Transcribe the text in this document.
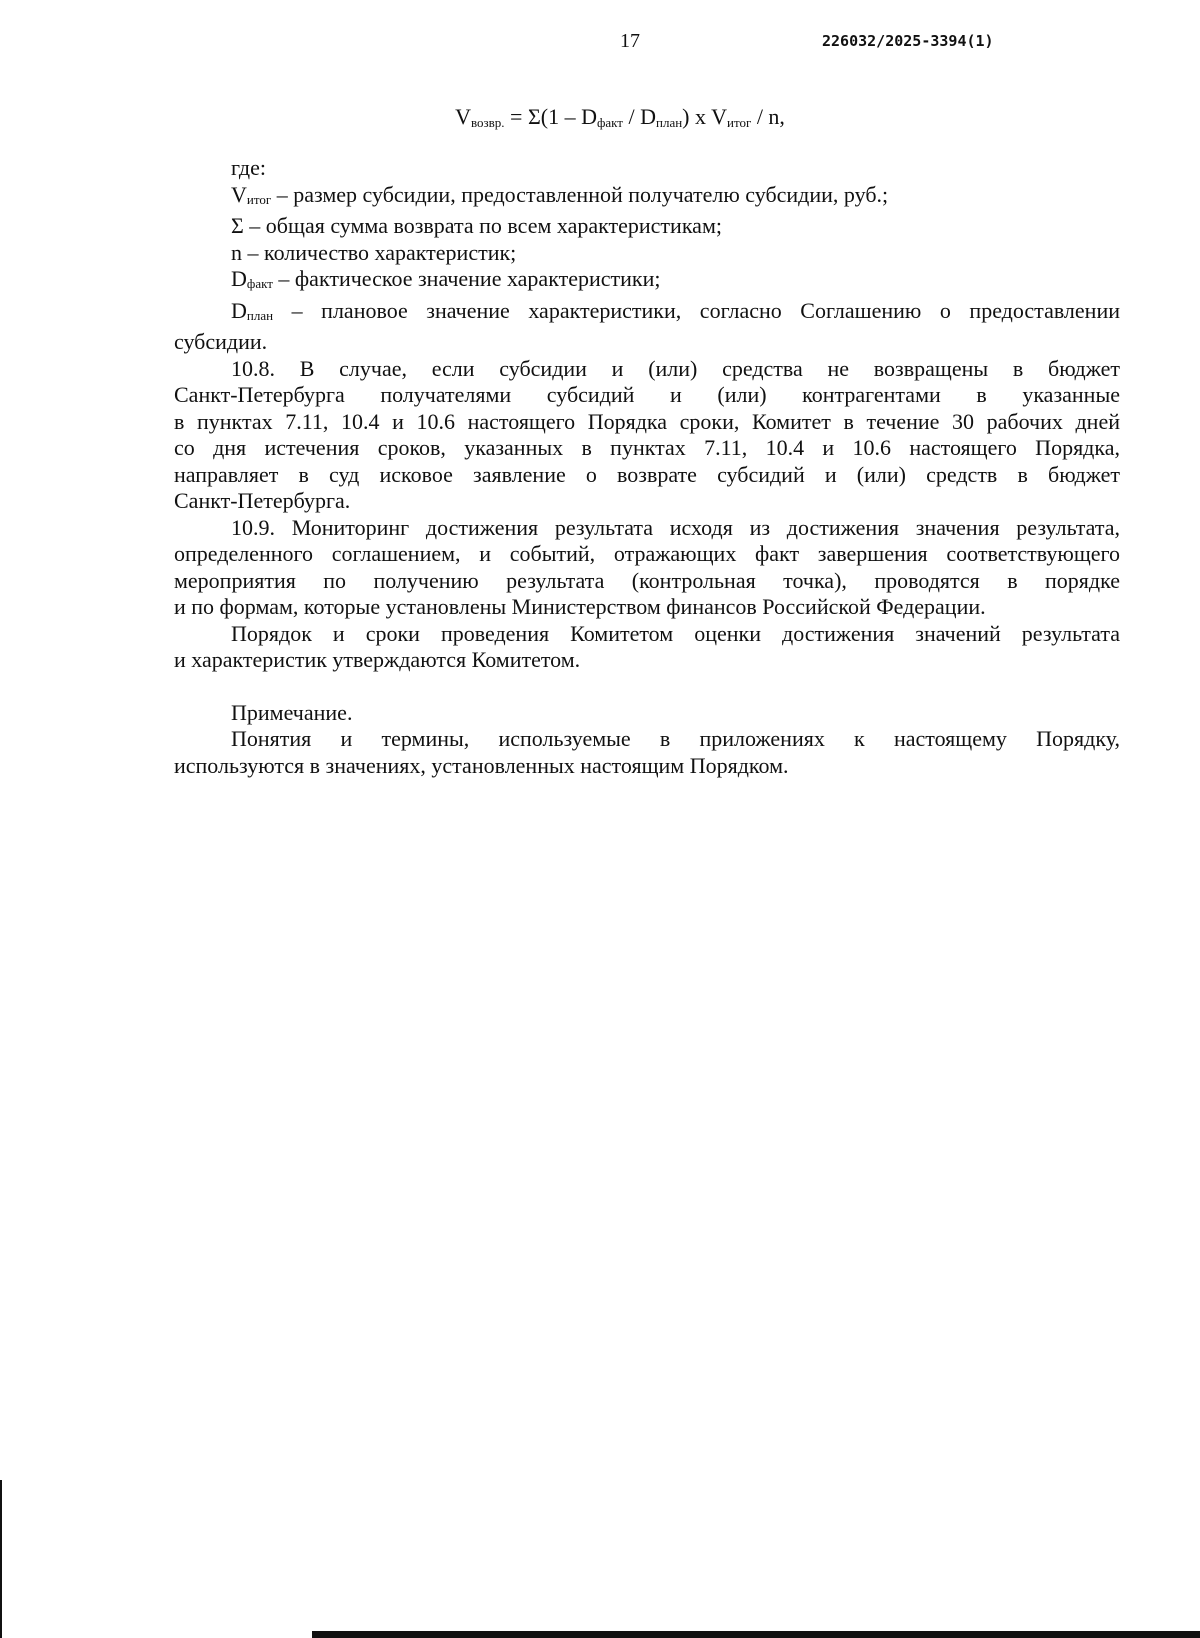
17	226032/2025-3394(1)
$V_{возвр.} = \Sigma(1 - D_{факт} / D_{план})$ x $V_{итог}$ / n,

где:

$V_{итог}$ – размер субсидии, предоставленной получателю субсидии, руб.;

Σ – общая сумма возврата по всем характеристикам;

n – количество характеристик;

$D_{факт}$ – фактическое значение характеристики;

$D_{план}$ – плановое значение характеристики, согласно Соглашению о предоставлении

субсидии.

10.8. В случае, если субсидии и (или) средства не возвращены в бюджет

Санкт-Петербурга получателями субсидий и (или) контрагентами в указанные

в пунктах 7.11, 10.4 и 10.6 настоящего Порядка сроки, Комитет в течение 30 рабочих дней

со дня истечения сроков, указанных в пунктах 7.11, 10.4 и 10.6 настоящего Порядка,

направляет в суд исковое заявление о возврате субсидий и (или) средств в бюджет

Санкт-Петербурга.

10.9. Мониторинг достижения результата исходя из достижения значения результата,

определенного соглашением, и событий, отражающих факт завершения соответствующего

мероприятия по получению результата (контрольная точка), проводятся в порядке

и по формам, которые установлены Министерством финансов Российской Федерации.

Порядок и сроки проведения Комитетом оценки достижения значений результата

и характеристик утверждаются Комитетом.

Примечание.

Понятия и термины, используемые в приложениях к настоящему Порядку,

используются в значениях, установленных настоящим Порядком.
